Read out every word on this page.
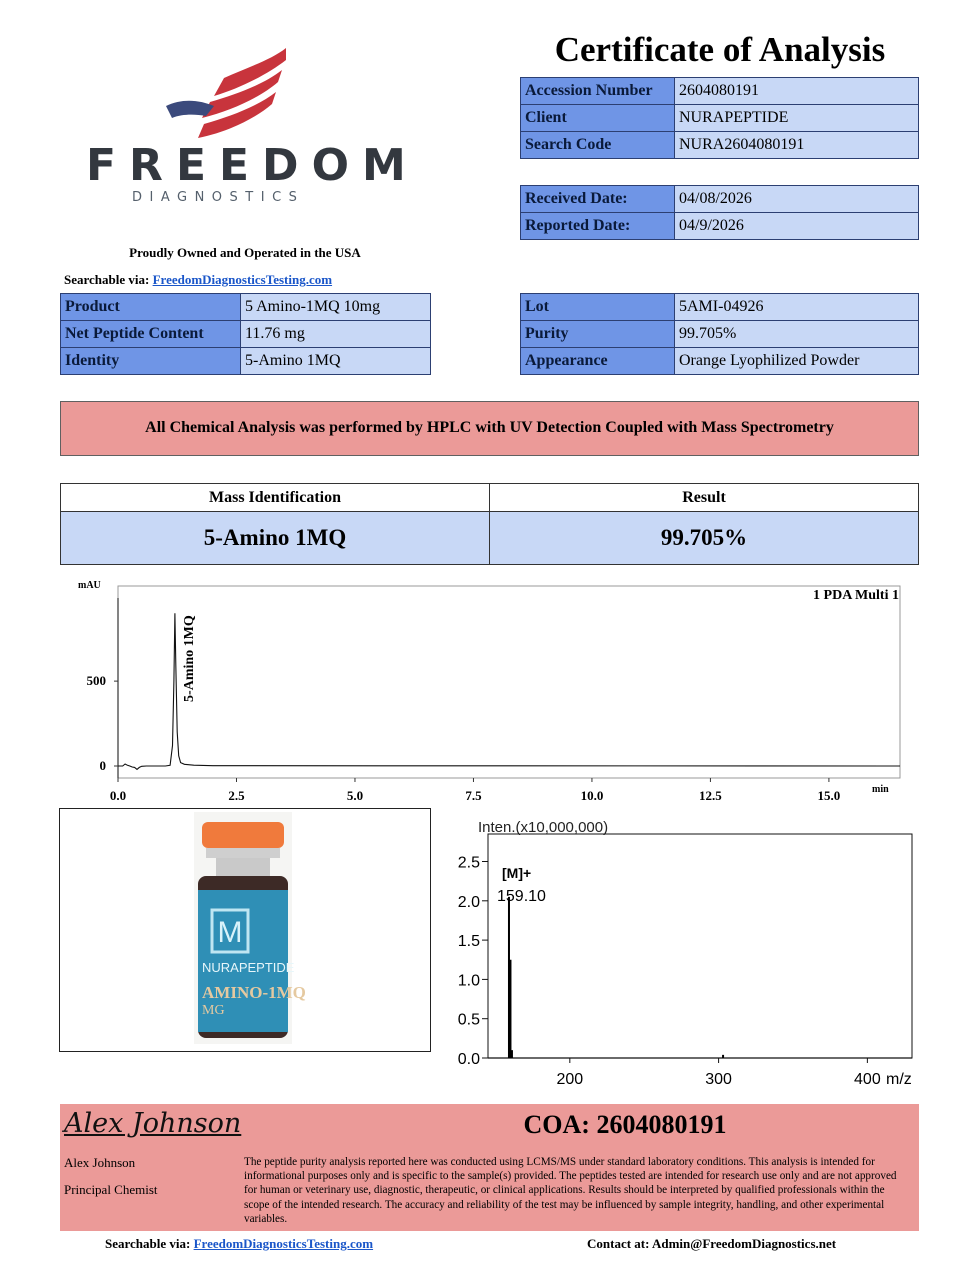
FREEDOM
DIAGNOSTICS
Proudly Owned and Operated in the USA
Searchable via: FreedomDiagnosticsTesting.com
Certificate of Analysis
Accession Number	2604080191
Client	NURAPEPTIDE
Search Code	NURA2604080191
Received Date:	04/08/2026
Reported Date:	04/9/2026
Product	5 Amino-1MQ 10mg
Net Peptide Content	11.76 mg
Identity	5-Amino 1MQ
Lot	5AMI-04926
Purity	99.705%
Appearance	Orange Lyophilized Powder
All Chemical Analysis was performed by HPLC with UV Detection Coupled with Mass Spectrometry
Mass Identification	Result
5-Amino 1MQ	99.705%
mAU
min
1 PDA Multi 1
0.0	2.5	5.0	7.5	10.0	12.5	15.0
0
500	5-Amino 1MQ
M
NURAPEPTIDE
AMINO-1MQ
MG
Inten.(x10,000,000)
200	300	400
0.0
0.5
1.0
1.5
2.0
2.5
[M]+
159.10
m/z
Alex Johnson
Alex Johnson
Principal Chemist
COA: 2604080191
The peptide purity analysis reported here was conducted using LCMS/MS under standard laboratory conditions. This analysis is intended for informational purposes only and is specific to the sample(s) provided. The peptides tested are intended for research use only and are not approved for human or veterinary use, diagnostic, therapeutic, or clinical applications. Results should be interpreted by qualified professionals within the scope of the intended research. The accuracy and reliability of the test may be influenced by sample integrity, handling, and other experimental variables.
Searchable via: FreedomDiagnosticsTesting.com	Contact at: Admin@FreedomDiagnostics.net
